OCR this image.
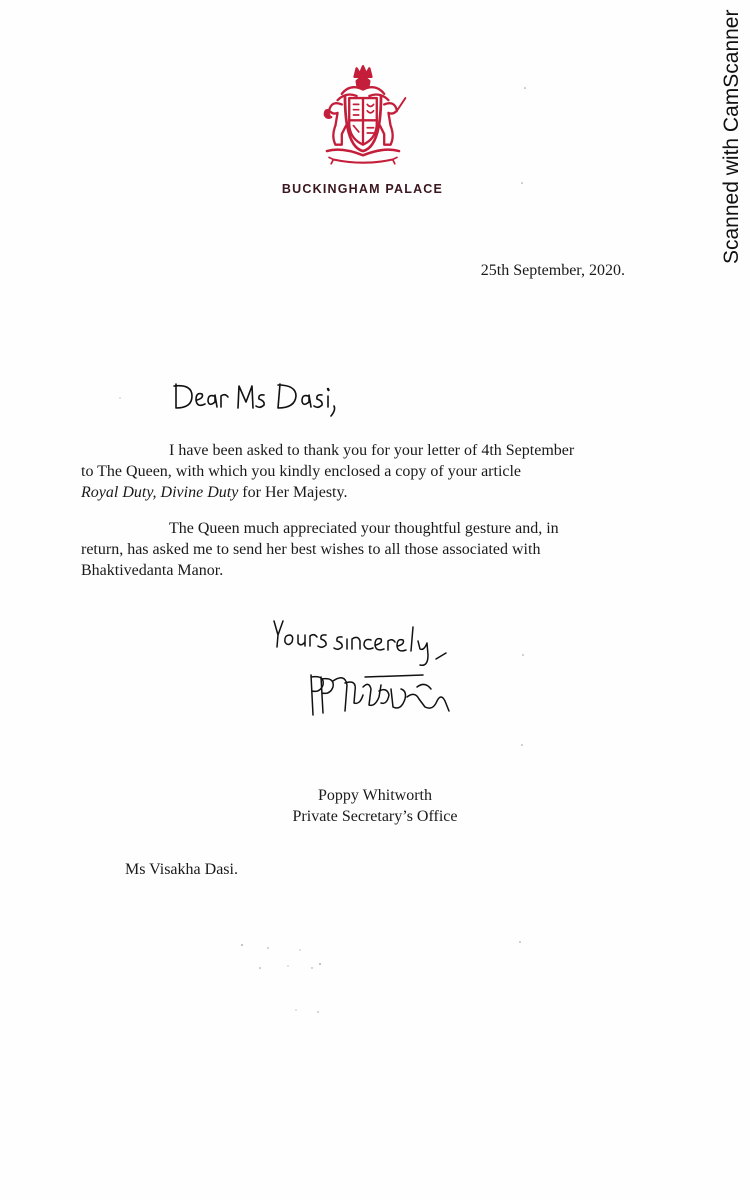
BUCKINGHAM PALACE
25th September, 2020.
I have been asked to thank you for your letter of 4th September
to The Queen, with which you kindly enclosed a copy of your article
Royal Duty, Divine Duty for Her Majesty.
The Queen much appreciated your thoughtful gesture and, in
return, has asked me to send her best wishes to all those associated with
Bhaktivedanta Manor.
Poppy Whitworth
Private Secretary’s Office
Ms Visakha Dasi.
Scanned with CamScanner
